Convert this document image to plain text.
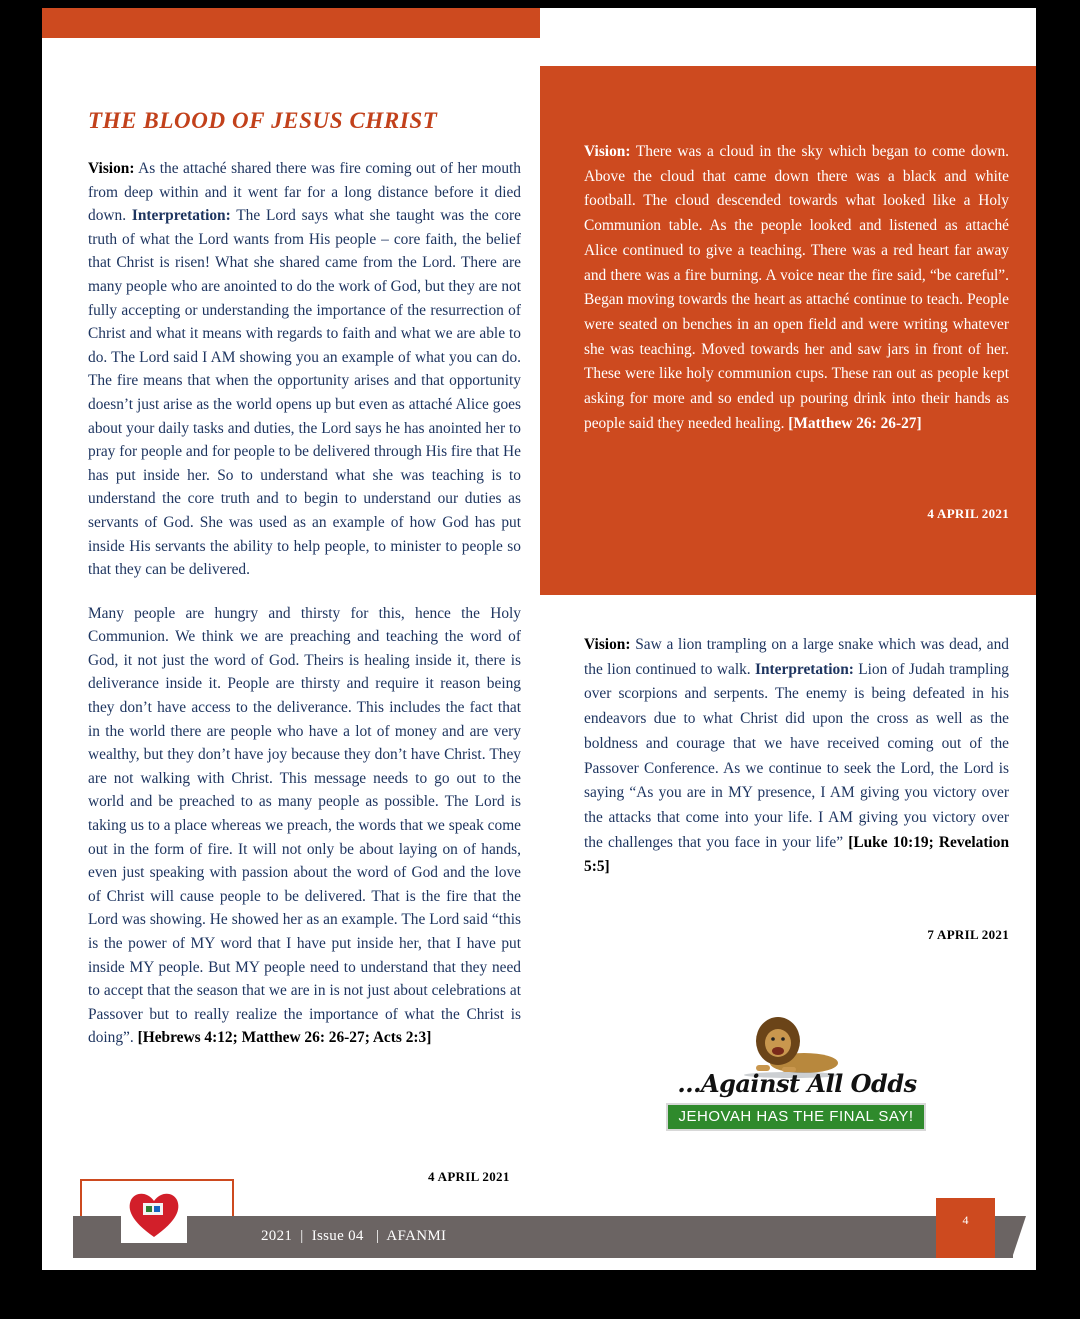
THE BLOOD OF JESUS CHRIST

Vision: As the attaché shared there was fire coming out of her mouth from deep within and it went far for a long distance before it died down. Interpretation: The Lord says what she taught was the core truth of what the Lord wants from His people – core faith, the belief that Christ is risen! What she shared came from the Lord. There are many people who are anointed to do the work of God, but they are not fully accepting or understanding the importance of the resurrection of Christ and what it means with regards to faith and what we are able to do. The Lord said I AM showing you an example of what you can do. The fire means that when the opportunity arises and that opportunity doesn’t just arise as the world opens up but even as attaché Alice goes about your daily tasks and duties, the Lord says he has anointed her to pray for people and for people to be delivered through His fire that He has put inside her. So to understand what she was teaching is to understand the core truth and to begin to understand our duties as servants of God. She was used as an example of how God has put inside His servants the ability to help people, to minister to people so that they can be delivered.

Many people are hungry and thirsty for this, hence the Holy Communion. We think we are preaching and teaching the word of God, it not just the word of God. Theirs is healing inside it, there is deliverance inside it. People are thirsty and require it reason being they don’t have access to the deliverance. This includes the fact that in the world there are people who have a lot of money and are very wealthy, but they don’t have joy because they don’t have Christ. They are not walking with Christ. This message needs to go out to the world and be preached to as many people as possible. The Lord is taking us to a place whereas we preach, the words that we speak come out in the form of fire. It will not only be about laying on of hands, even just speaking with passion about the word of God and the love of Christ will cause people to be delivered. That is the fire that the Lord was showing. He showed her as an example. The Lord said “this is the power of MY word that I have put inside her, that I have put inside MY people. But MY people need to understand that they need to accept that the season that we are in is not just about celebrations at Passover but to really realize the importance of what the Christ is doing”. [Hebrews 4:12; Matthew 26: 26-27; Acts 2:3]

4 APRIL 2021

Vision: There was a cloud in the sky which began to come down. Above the cloud that came down there was a black and white football. The cloud descended towards what looked like a Holy Communion table. As the people looked and listened as attaché Alice continued to give a teaching. There was a red heart far away and there was a fire burning. A voice near the fire said, “be careful”. Began moving towards the heart as attaché continue to teach. People were seated on benches in an open field and were writing whatever she was teaching. Moved towards her and saw jars in front of her. These were like holy communion cups. These ran out as people kept asking for more and so ended up pouring drink into their hands as people said they needed healing. [Matthew 26: 26-27]

4 APRIL 2021

Vision: Saw a lion trampling on a large snake which was dead, and the lion continued to walk. Interpretation: Lion of Judah trampling over scorpions and serpents. The enemy is being defeated in his endeavors due to what Christ did upon the cross as well as the boldness and courage that we have received coming out of the Passover Conference. As we continue to seek the Lord, the Lord is saying “As you are in MY presence, I AM giving you victory over the attacks that come into your life. I AM giving you victory over the challenges that you face in your life” [Luke 10:19; Revelation 5:5]

7 APRIL 2021
...Against All Odds
JEHOVAH HAS THE FINAL SAY!
2021  |  Issue 04   |  AFANMI
4
